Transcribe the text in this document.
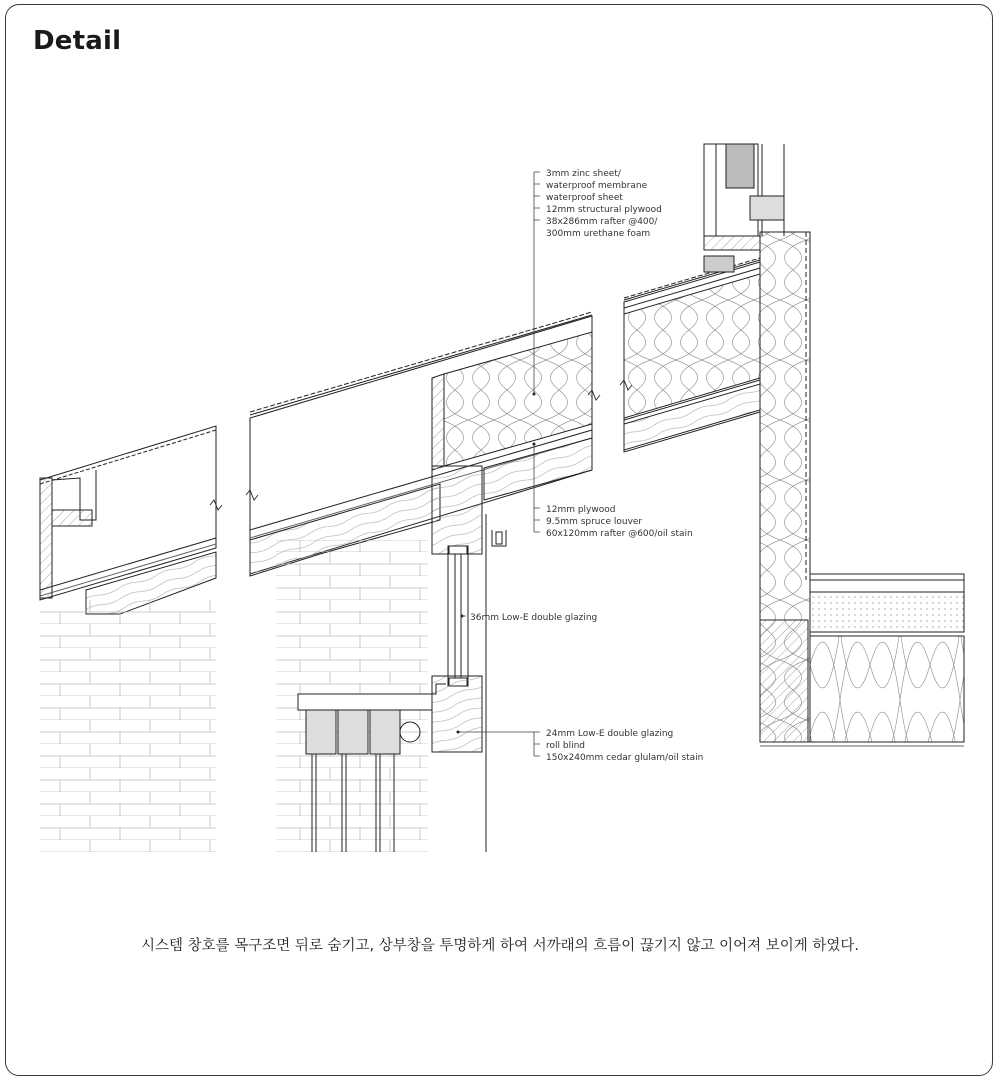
Detail
3mm zinc sheet/
waterproof membrane
waterproof sheet
12mm structural plywood
38x286mm rafter @400/
300mm urethane foam
12mm plywood
9.5mm spruce louver
60x120mm rafter @600/oil stain
36mm Low-E double glazing
24mm Low-E double glazing
roll blind
150x240mm cedar glulam/oil stain
시스템 창호를 목구조면 뒤로 숨기고, 상부창을 투명하게 하여 서까래의 흐름이 끊기지 않고 이어져 보이게 하였다.
